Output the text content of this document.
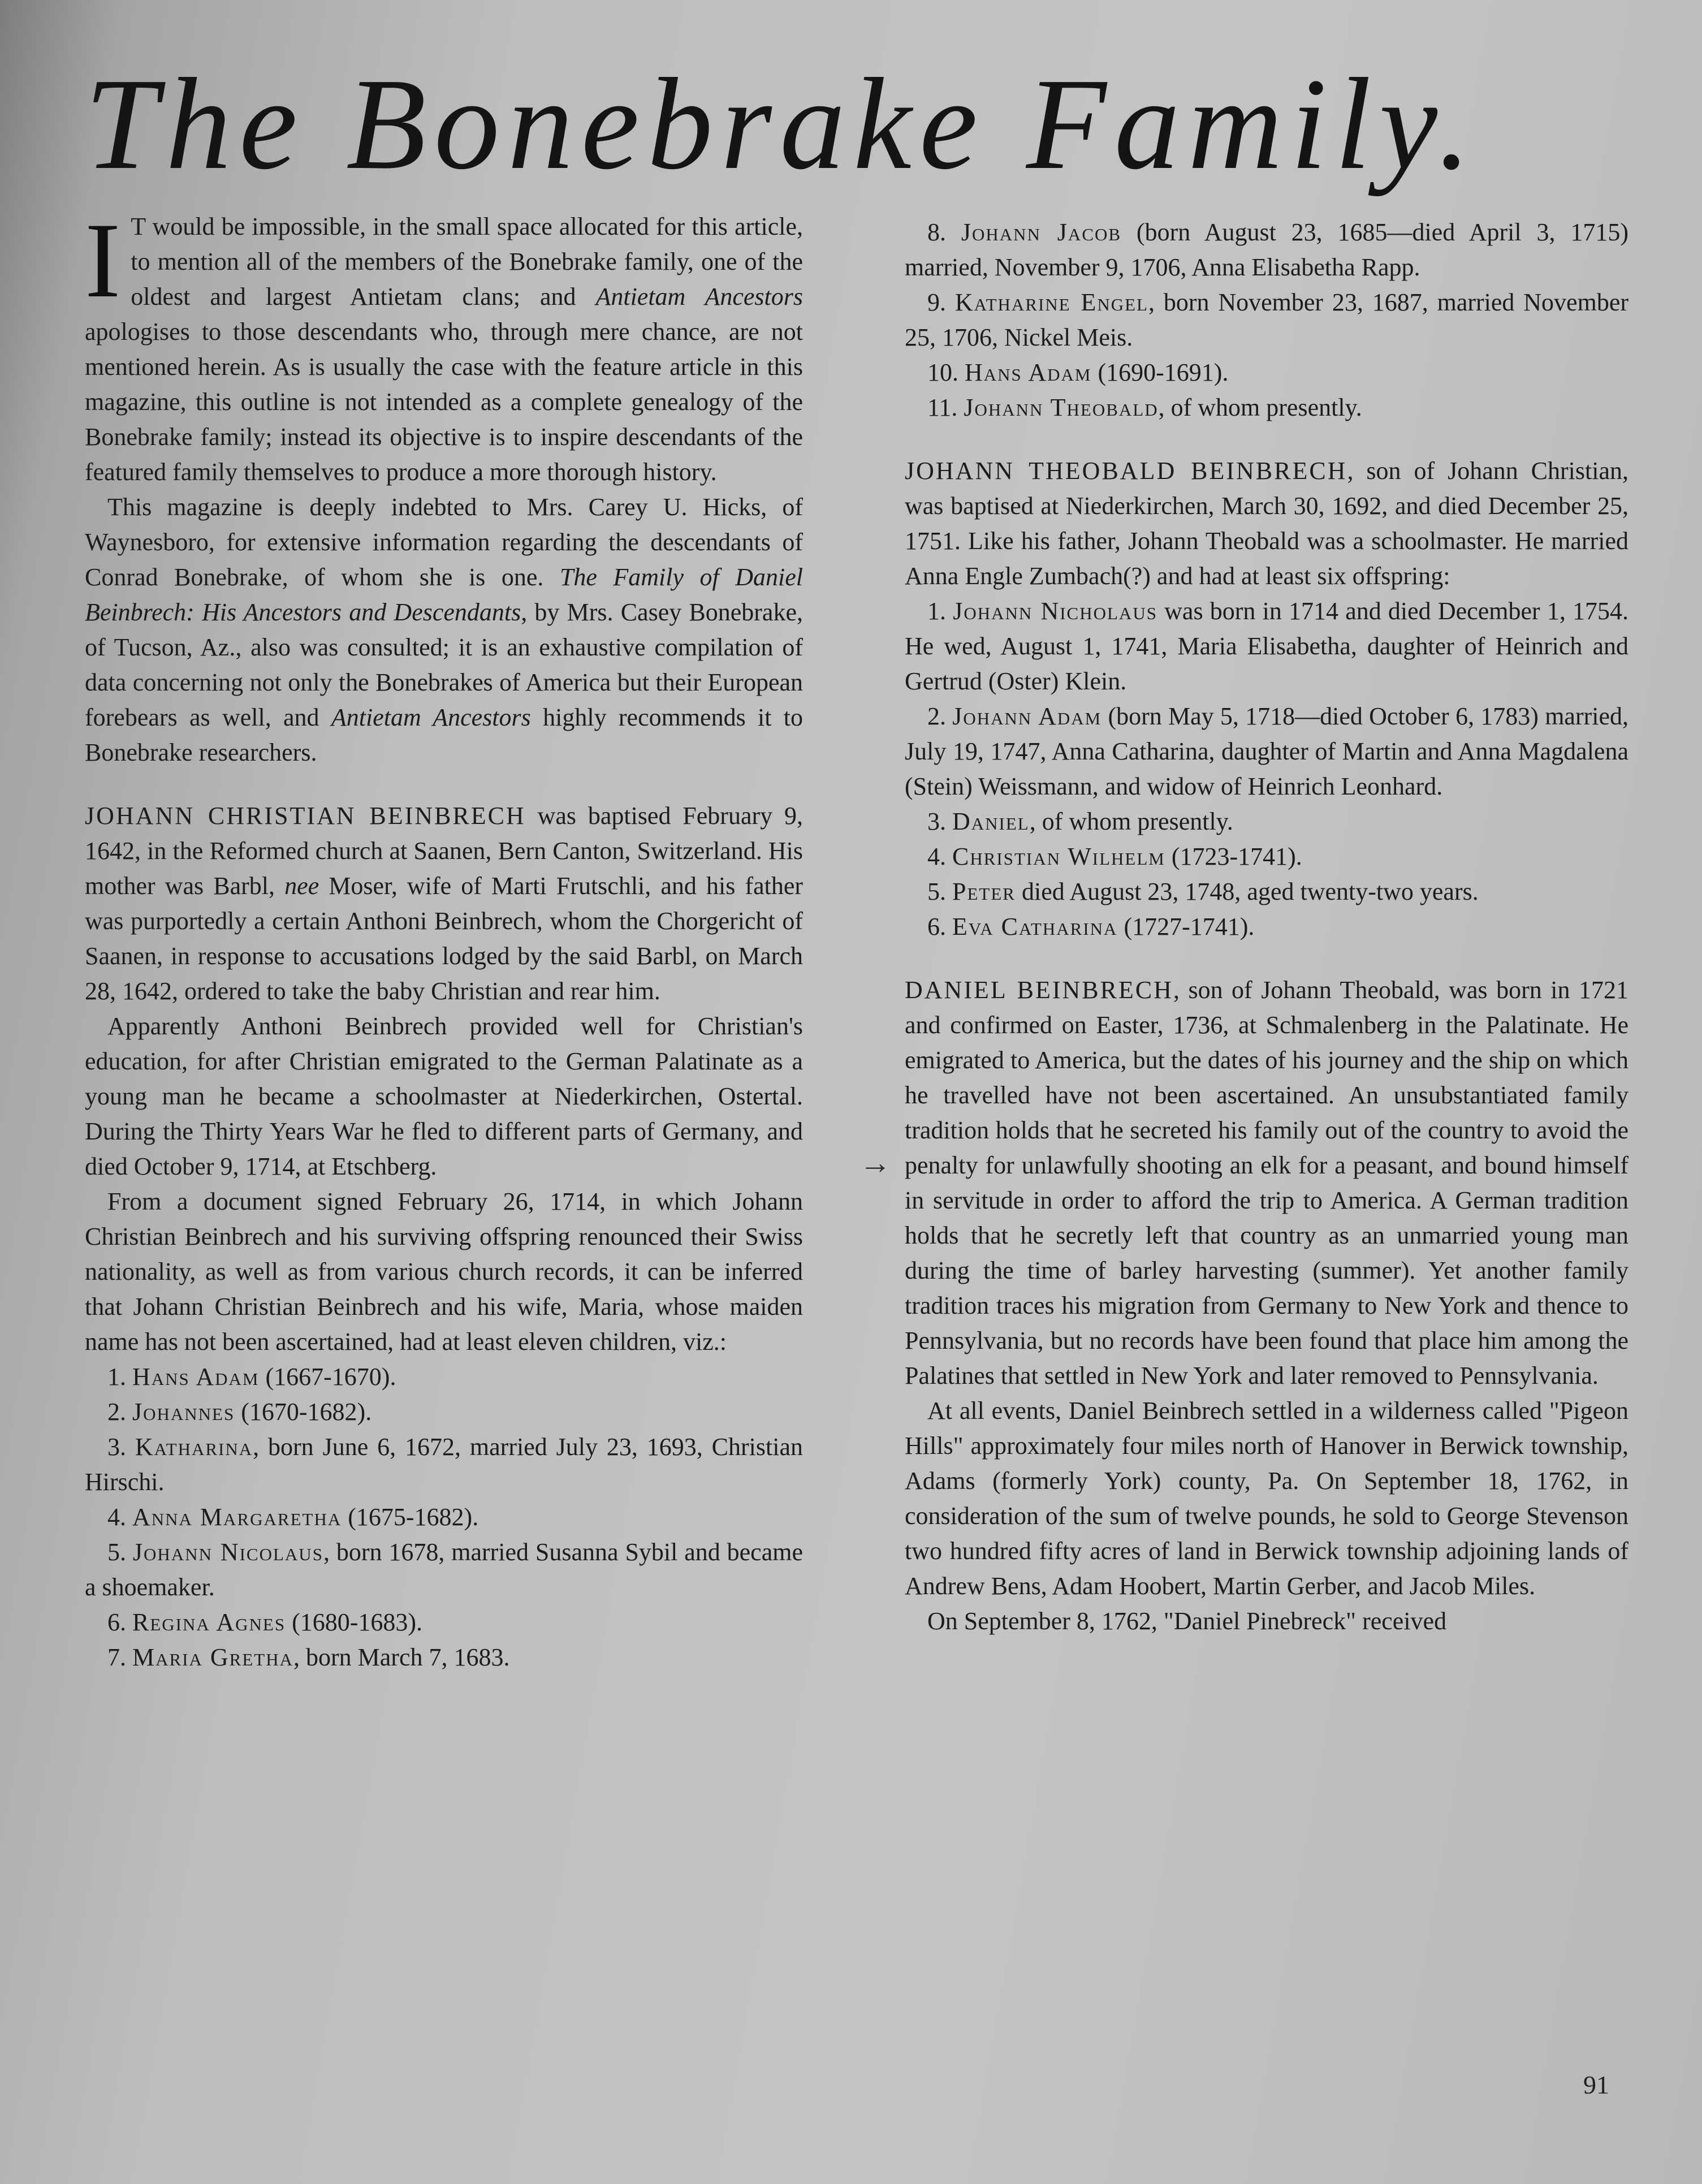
The Bonebrake Family.

I T would be impossible, in the small space allocated for this article, to mention all of the members of the Bonebrake family, one of the oldest and largest Antietam clans; and Antietam Ancestors apologises to those descendants who, through mere chance, are not mentioned herein. As is usually the case with the feature article in this magazine, this outline is not intended as a complete genealogy of the Bonebrake family; instead its objective is to inspire descendants of the featured family themselves to produce a more thorough history.

This magazine is deeply indebted to Mrs. Carey U. Hicks, of Waynesboro, for extensive information regarding the descendants of Conrad Bonebrake, of whom she is one. The Family of Daniel Beinbrech: His Ancestors and Descendants, by Mrs. Casey Bonebrake, of Tucson, Az., also was consulted; it is an exhaustive compilation of data concerning not only the Bonebrakes of America but their European forebears as well, and Antietam Ancestors highly recommends it to Bonebrake researchers.

JOHANN CHRISTIAN BEINBRECH was baptised February 9, 1642, in the Reformed church at Saanen, Bern Canton, Switzerland. His mother was Barbl, nee Moser, wife of Marti Frutschli, and his father was purportedly a certain Anthoni Beinbrech, whom the Chorgericht of Saanen, in response to accusations lodged by the said Barbl, on March 28, 1642, ordered to take the baby Christian and rear him.

Apparently Anthoni Beinbrech provided well for Christian's education, for after Christian emigrated to the German Palatinate as a young man he became a schoolmaster at Niederkirchen, Ostertal. During the Thirty Years War he fled to different parts of Germany, and died October 9, 1714, at Etschberg.

From a document signed February 26, 1714, in which Johann Christian Beinbrech and his surviving offspring renounced their Swiss nationality, as well as from various church records, it can be inferred that Johann Christian Beinbrech and his wife, Maria, whose maiden name has not been ascertained, had at least eleven children, viz.:

1. Hans Adam (1667-1670).

2. Johannes (1670-1682).

3. Katharina, born June 6, 1672, married July 23, 1693, Christian Hirschi.

4. Anna Margaretha (1675-1682).

5. Johann Nicolaus, born 1678, married Susanna Sybil and became a shoemaker.

6. Regina Agnes (1680-1683).

7. Maria Gretha, born March 7, 1683.

8. Johann Jacob (born August 23, 1685—died April 3, 1715) married, November 9, 1706, Anna Elisabetha Rapp.

9. Katharine Engel, born November 23, 1687, married November 25, 1706, Nickel Meis.

10. Hans Adam (1690-1691).

11. Johann Theobald, of whom presently.

JOHANN THEOBALD BEINBRECH, son of Johann Christian, was baptised at Niederkirchen, March 30, 1692, and died December 25, 1751. Like his father, Johann Theobald was a schoolmaster. He married Anna Engle Zumbach(?) and had at least six offspring:

1. Johann Nicholaus was born in 1714 and died December 1, 1754. He wed, August 1, 1741, Maria Elisabetha, daughter of Heinrich and Gertrud (Oster) Klein.

2. Johann Adam (born May 5, 1718—died October 6, 1783) married, July 19, 1747, Anna Catharina, daughter of Martin and Anna Magdalena (Stein) Weissmann, and widow of Heinrich Leonhard.

3. Daniel, of whom presently.

4. Christian Wilhelm (1723-1741).

5. Peter died August 23, 1748, aged twenty-two years.

6. Eva Catharina (1727-1741).

DANIEL BEINBRECH, son of Johann Theobald, was born in 1721 and confirmed on Easter, 1736, at Schmalenberg in the Palatinate. He emigrated to America, but the dates of his journey and the ship on which he travelled have not been ascertained. An unsubstantiated family tradition holds that he secreted his family out of the country to avoid the penalty for unlawfully shooting an elk for a peasant, and bound himself in servitude in order to afford the trip to America. A German tradition holds that he secretly left that country as an unmarried young man during the time of barley harvesting (summer). Yet another family tradition traces his migration from Germany to New York and thence to Pennsylvania, but no records have been found that place him among the Palatines that settled in New York and later removed to Pennsylvania.

At all events, Daniel Beinbrech settled in a wilderness called "Pigeon Hills" approximately four miles north of Hanover in Berwick township, Adams (formerly York) county, Pa. On September 18, 1762, in consideration of the sum of twelve pounds, he sold to George Stevenson two hundred fifty acres of land in Berwick township adjoining lands of Andrew Bens, Adam Hoobert, Martin Gerber, and Jacob Miles.

On September 8, 1762, "Daniel Pinebreck" received

→
91
